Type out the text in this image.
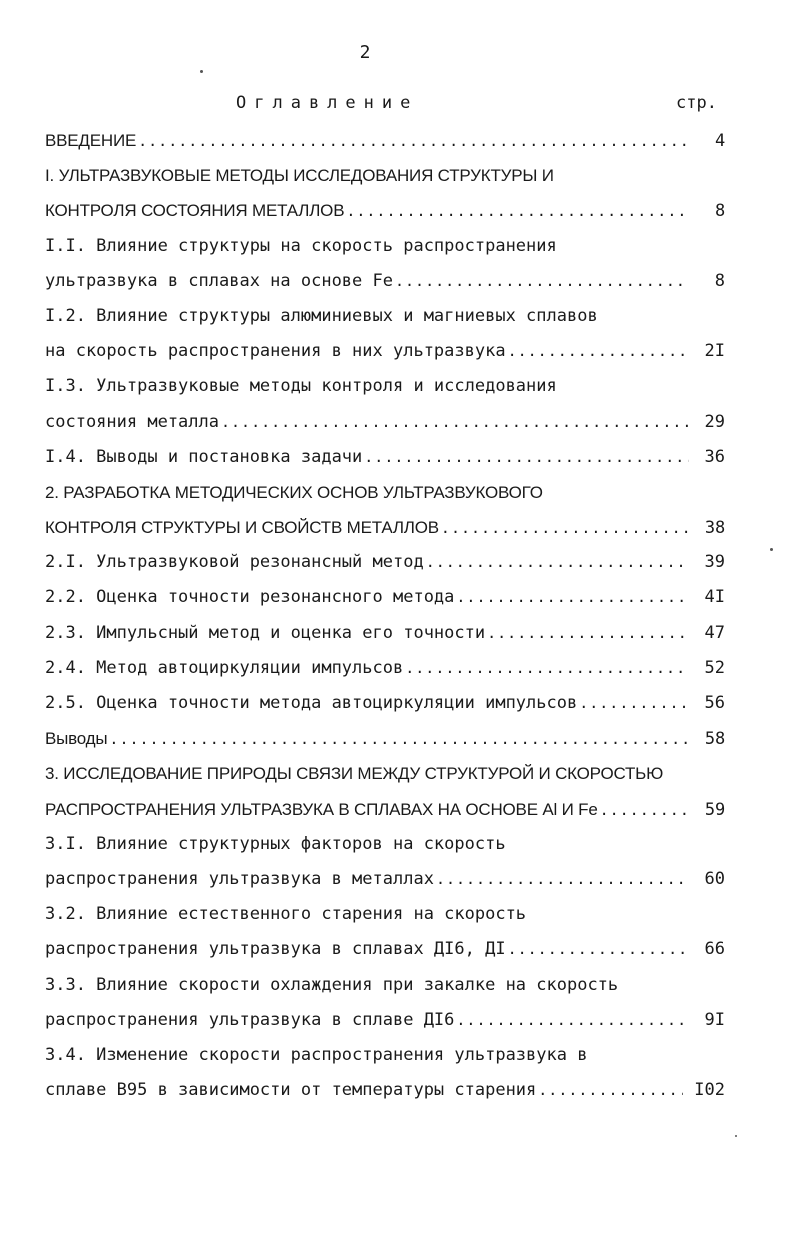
2
Оглавление	стр.
ВВЕДЕНИЕ .....	4
I. УЛЬТРАЗВУКОВЫЕ МЕТОДЫ ИССЛЕДОВАНИЯ СТРУКТУРЫ И
КОНТРОЛЯ СОСТОЯНИЯ МЕТАЛЛОВ .....	8
I.I. Влияние структуры на скорость распространения
ультразвука в сплавах на основе Fe .....	8
I.2. Влияние структуры алюминиевых и магниевых сплавов
на скорость распространения в них ультразвука .....	2I
I.3. Ультразвуковые методы контроля и исследования
состояния металла .....	29
I.4. Выводы и постановка задачи .....	36
2. РАЗРАБОТКА МЕТОДИЧЕСКИХ ОСНОВ УЛЬТРАЗВУКОВОГО
КОНТРОЛЯ СТРУКТУРЫ И СВОЙСТВ МЕТАЛЛОВ .....	38
2.I. Ультразвуковой резонансный метод .....	39
2.2. Оценка точности резонансного метода .....	4I
2.3. Импульсный метод и оценка его точности .....	47
2.4. Метод автоциркуляции импульсов .....	52
2.5. Оценка точности метода автоциркуляции импульсов .....	56
Выводы .....	58
3. ИССЛЕДОВАНИЕ ПРИРОДЫ СВЯЗИ МЕЖДУ СТРУКТУРОЙ И СКОРОСТЬЮ
РАСПРОСТРАНЕНИЯ УЛЬТРАЗВУКА В СПЛАВАХ НА ОСНОВЕ Al И Fe .....	59
3.I. Влияние структурных факторов на скорость
распространения ультразвука в металлах .....	60
3.2. Влияние естественного старения на скорость
распространения ультразвука в сплавах ДI6, ДI .....	66
3.3. Влияние скорости охлаждения при закалке на скорость
распространения ультразвука в сплаве ДI6 .....	9I
3.4. Изменение скорости распространения ультразвука в
сплаве В95 в зависимости от температуры старения .....	I02
